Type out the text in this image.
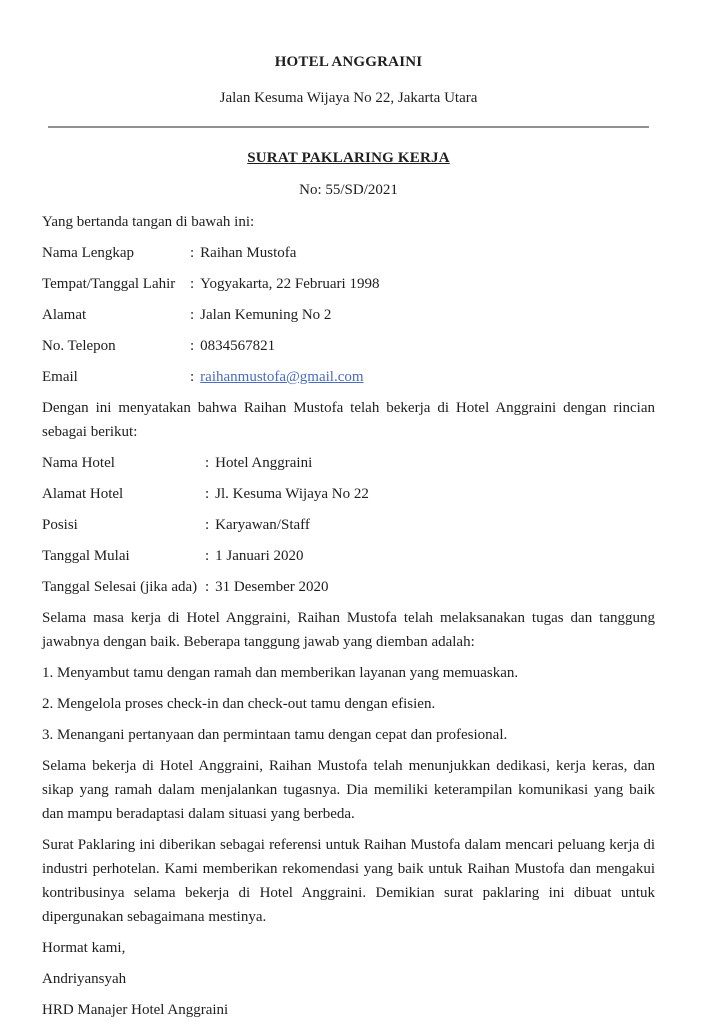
HOTEL ANGGRAINI
Jalan Kesuma Wijaya No 22, Jakarta Utara
SURAT PAKLARING KERJA
No: 55/SD/2021
Yang bertanda tangan di bawah ini:
Nama Lengkap	: Raihan Mustofa
Tempat/Tanggal Lahir : Yogyakarta, 22 Februari 1998
Alamat	: Jalan Kemuning No 2
No. Telepon	: 0834567821
Email	: raihanmustofa@gmail.com
Dengan ini menyatakan bahwa Raihan Mustofa telah bekerja di Hotel Anggraini dengan rincian sebagai berikut:
Nama Hotel	: Hotel Anggraini
Alamat Hotel	: Jl. Kesuma Wijaya No 22
Posisi	: Karyawan/Staff
Tanggal Mulai	: 1 Januari 2020
Tanggal Selesai (jika ada) : 31 Desember 2020
Selama masa kerja di Hotel Anggraini, Raihan Mustofa telah melaksanakan tugas dan tanggung jawabnya dengan baik. Beberapa tanggung jawab yang diemban adalah:
1. Menyambut tamu dengan ramah dan memberikan layanan yang memuaskan.
2. Mengelola proses check-in dan check-out tamu dengan efisien.
3. Menangani pertanyaan dan permintaan tamu dengan cepat dan profesional.
Selama bekerja di Hotel Anggraini, Raihan Mustofa telah menunjukkan dedikasi, kerja keras, dan sikap yang ramah dalam menjalankan tugasnya. Dia memiliki keterampilan komunikasi yang baik dan mampu beradaptasi dalam situasi yang berbeda.
Surat Paklaring ini diberikan sebagai referensi untuk Raihan Mustofa dalam mencari peluang kerja di industri perhotelan. Kami memberikan rekomendasi yang baik untuk Raihan Mustofa dan mengakui kontribusinya selama bekerja di Hotel Anggraini. Demikian surat paklaring ini dibuat untuk dipergunakan sebagaimana mestinya.
Hormat kami,
Andriyansyah
HRD Manajer Hotel Anggraini
